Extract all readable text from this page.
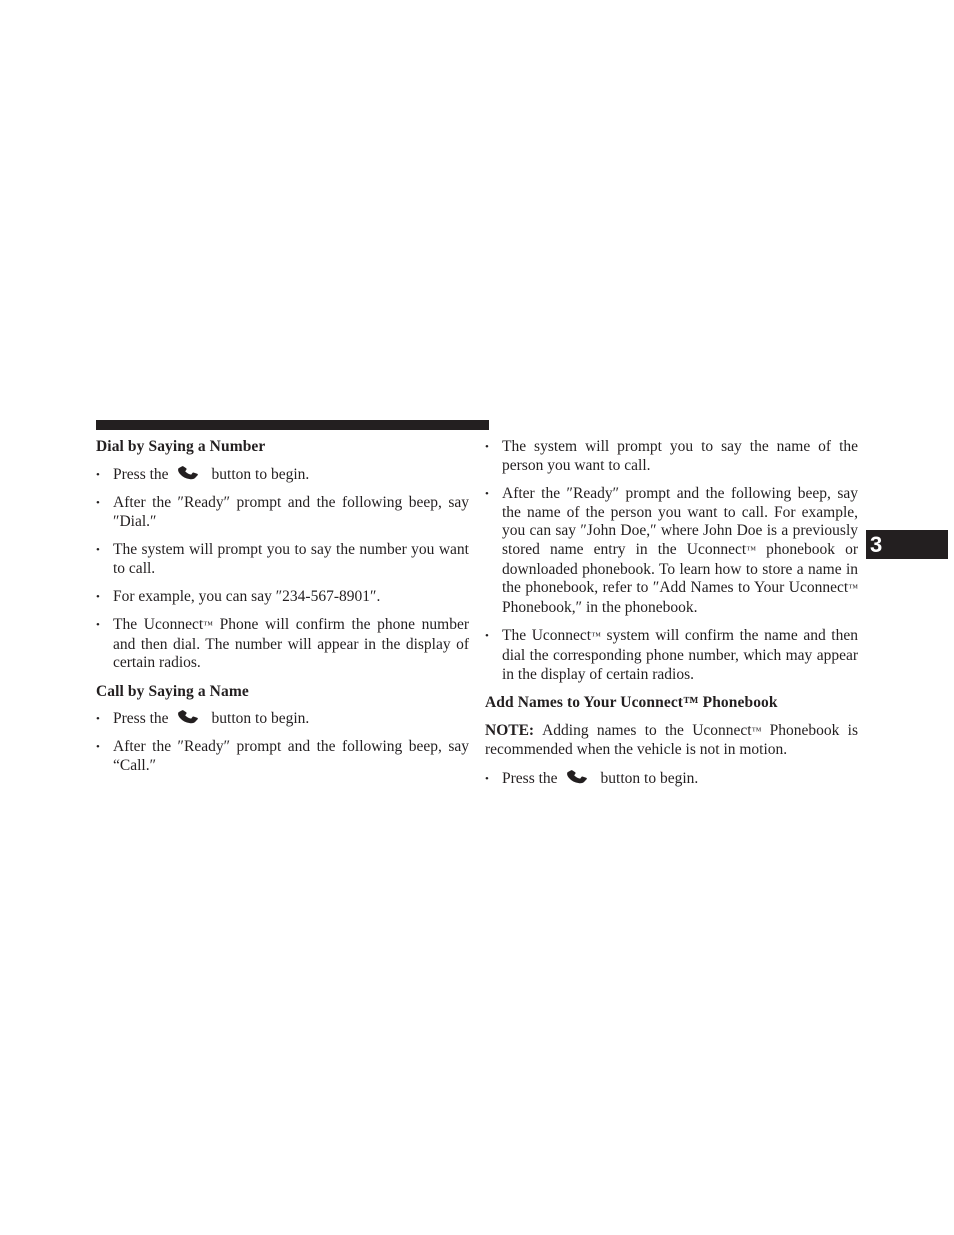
Dial by Saying a Number

• Press the	button to begin.

• After the ″Ready″ prompt and the following beep, say ″Dial.″

• The system will prompt you to say the number you want to call.

• For example, you can say ″234-567-8901″.

• The Uconnect™ Phone will confirm the phone number and then dial. The number will appear in the display of certain radios.

Call by Saying a Name

• Press the	button to begin.

• After the ″Ready″ prompt and the following beep, say “Call.″

• The system will prompt you to say the name of the person you want to call.

• After the ″Ready″ prompt and the following beep, say the name of the person you want to call. For example, you can say ″John Doe,″ where John Doe is a previously stored name entry in the Uconnect™ phonebook or downloaded phonebook. To learn how to store a name in the phonebook, refer to ″Add Names to Your Uconnect™ Phonebook,″ in the phonebook.

• The Uconnect™ system will confirm the name and then dial the corresponding phone number, which may appear in the display of certain radios.

Add Names to Your Uconnect™ Phonebook

NOTE: Adding names to the Uconnect™ Phonebook is recommended when the vehicle is not in motion.

• Press the	button to begin.

3
